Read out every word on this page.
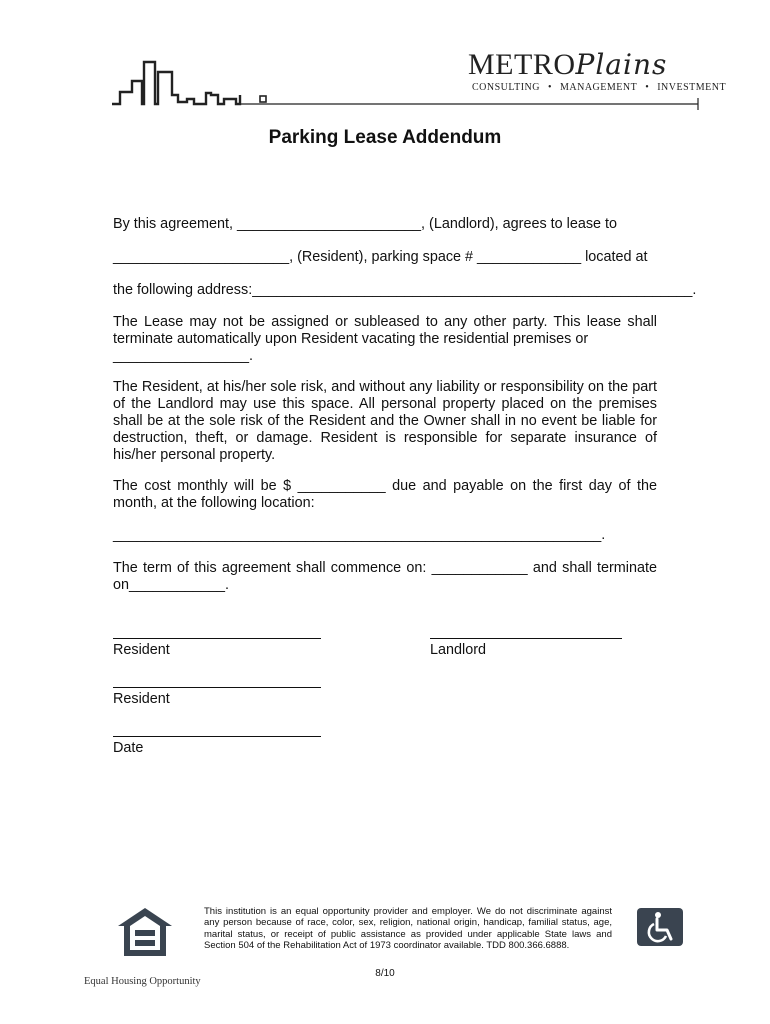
METROPlains
CONSULTING • MANAGEMENT • INVESTMENT
Parking Lease Addendum
By this agreement, _______________________, (Landlord), agrees to lease to
______________________, (Resident), parking space # _____________ located at
the following address:_______________________________________________________.
The Lease may not be assigned or subleased to any other party. This lease shall terminate automatically upon Resident vacating the residential premises or
_________________.
The Resident, at his/her sole risk, and without any liability or responsibility on the part of the Landlord may use this space. All personal property placed on the premises shall be at the sole risk of the Resident and the Owner shall in no event be liable for destruction, theft, or damage. Resident is responsible for separate insurance of his/her personal property.
The cost monthly will be $ ___________ due and payable on the first day of the month, at the following location:
_____________________________________________________________.
The term of this agreement shall commence on: ____________ and shall terminate on____________.
Resident	Landlord
Resident
Date
This institution is an equal opportunity provider and employer. We do not discriminate against any person because of race, color, sex, religion, national origin, handicap, familial status, age, marital status, or receipt of public assistance as provided under applicable State laws and Section 504 of the Rehabilitation Act of 1973 coordinator available. TDD 800.366.6888.
8/10
Equal Housing Opportunity
